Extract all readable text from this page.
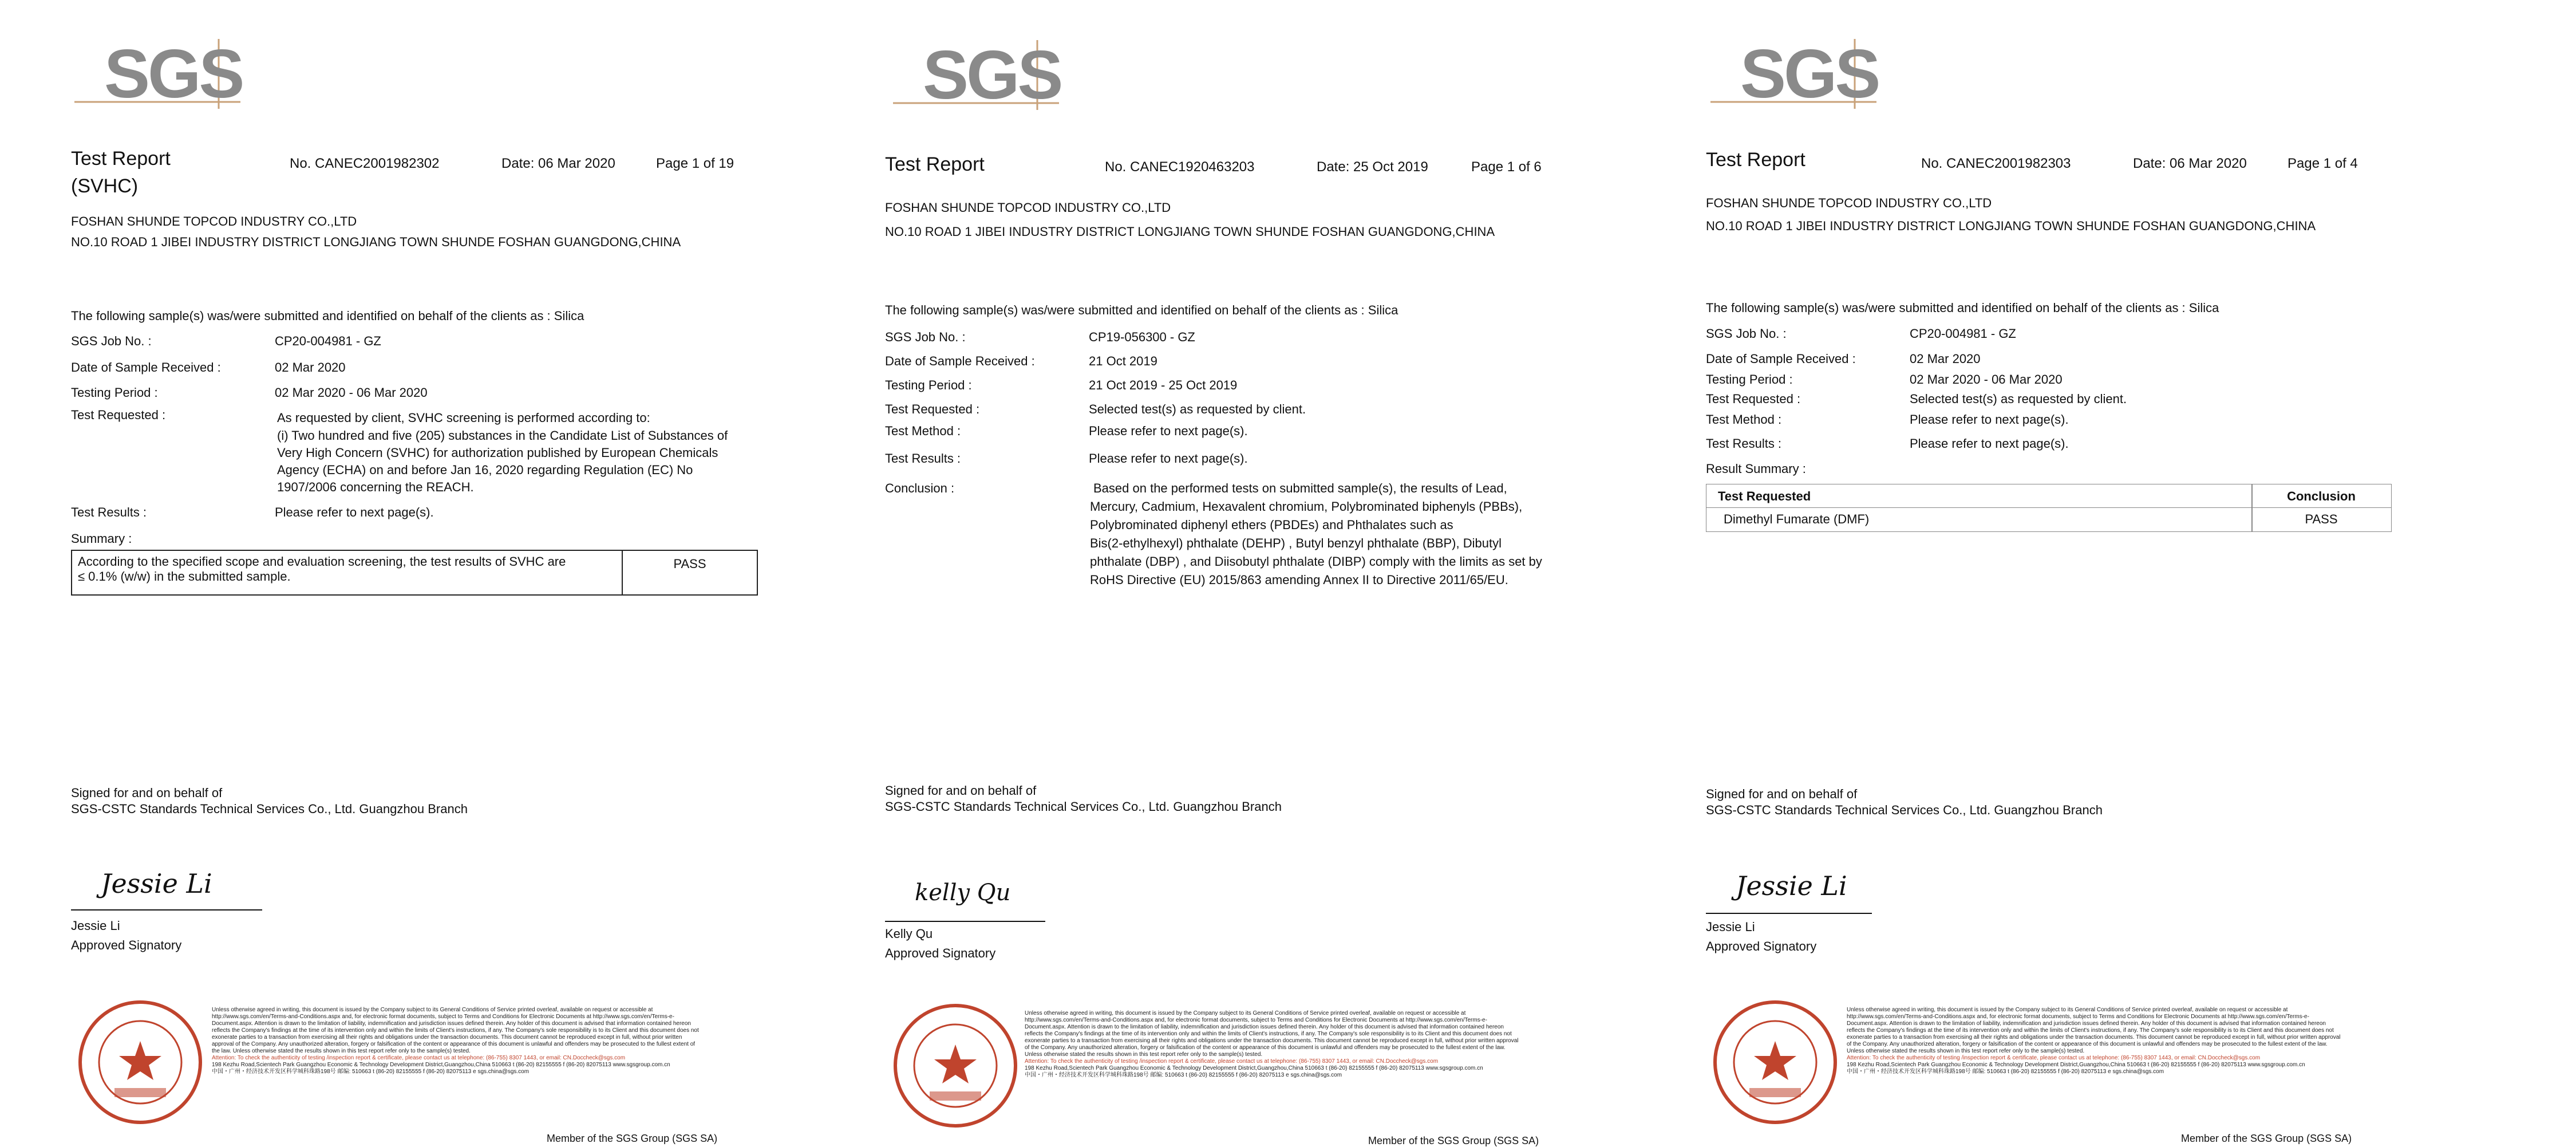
SGS
Test Report
(SVHC)
No. CANEC2001982302	Date: 06 Mar 2020	Page 1 of 19
FOSHAN SHUNDE TOPCOD INDUSTRY CO.,LTD
NO.10 ROAD 1 JIBEI INDUSTRY DISTRICT LONGJIANG TOWN SHUNDE FOSHAN GUANGDONG,CHINA
The following sample(s) was/were submitted and identified on behalf of the clients as : Silica
SGS Job No. :	CP20-004981 - GZ
Date of Sample Received :	02 Mar 2020
Testing Period :	02 Mar 2020 - 06 Mar 2020
Test Requested :	As requested by client, SVHC screening is performed according to:
(i) Two hundred and five (205) substances in the Candidate List of Substances of
Very High Concern (SVHC) for authorization published by European Chemicals
Agency (ECHA) on and before Jan 16, 2020 regarding Regulation (EC) No
1907/2006 concerning the REACH.
Test Results :	Please refer to next page(s).
Summary :
According to the specified scope and evaluation screening, the test results of SVHC are
≤ 0.1% (w/w) in the submitted sample.
PASS
Signed for and on behalf of
SGS-CSTC Standards Technical Services Co., Ltd. Guangzhou Branch
Jessie Li
Jessie Li
Approved Signatory
Unless otherwise agreed in writing, this document is issued by the Company subject to its General Conditions of Service printed overleaf, available on request or accessible at http://www.sgs.com/en/Terms-and-Conditions.aspx and, for electronic format documents, subject to Terms and Conditions for Electronic Documents at http://www.sgs.com/en/Terms-e-Document.aspx. Attention is drawn to the limitation of liability, indemnification and jurisdiction issues defined therein. Any holder of this document is advised that information contained hereon reflects the Company's findings at the time of its intervention only and within the limits of Client's instructions, if any. The Company's sole responsibility is to its Client and this document does not exonerate parties to a transaction from exercising all their rights and obligations under the transaction documents. This document cannot be reproduced except in full, without prior written approval of the Company. Any unauthorized alteration, forgery or falsification of the content or appearance of this document is unlawful and offenders may be prosecuted to the fullest extent of the law. Unless otherwise stated the results shown in this test report refer only to the sample(s) tested.
Attention: To check the authenticity of testing /inspection report & certificate, please contact us at telephone: (86-755) 8307 1443, or email: CN.Doccheck@sgs.com
198 Kezhu Road,Scientech Park Guangzhou Economic & Technology Development District,Guangzhou,China 510663 t (86-20) 82155555 f (86-20) 82075113 www.sgsgroup.com.cn
中国・广州・经济技术开发区科学城科珠路198号 邮编: 510663 t (86-20) 82155555 f (86-20) 82075113 e sgs.china@sgs.com
Member of the SGS Group (SGS SA)
SGS
Test Report	No. CANEC1920463203	Date: 25 Oct 2019	Page 1 of 6
FOSHAN SHUNDE TOPCOD INDUSTRY CO.,LTD
NO.10 ROAD 1 JIBEI INDUSTRY DISTRICT LONGJIANG TOWN SHUNDE FOSHAN GUANGDONG,CHINA
The following sample(s) was/were submitted and identified on behalf of the clients as : Silica
SGS Job No. :	CP19-056300 - GZ
Date of Sample Received :	21 Oct 2019
Testing Period :	21 Oct 2019 - 25 Oct 2019
Test Requested :	Selected test(s) as requested by client.
Test Method :	Please refer to next page(s).
Test Results :	Please refer to next page(s).
Conclusion :	Based on the performed tests on submitted sample(s), the results of Lead,
Mercury, Cadmium, Hexavalent chromium, Polybrominated biphenyls (PBBs),
Polybrominated diphenyl ethers (PBDEs) and Phthalates such as
Bis(2-ethylhexyl) phthalate (DEHP) , Butyl benzyl phthalate (BBP), Dibutyl
phthalate (DBP) , and Diisobutyl phthalate (DIBP) comply with the limits as set by
RoHS Directive (EU) 2015/863 amending Annex II to Directive 2011/65/EU.
Signed for and on behalf of
SGS-CSTC Standards Technical Services Co., Ltd. Guangzhou Branch
kelly Qu
Kelly Qu
Approved Signatory
Unless otherwise agreed in writing, this document is issued by the Company subject to its General Conditions of Service printed overleaf, available on request or accessible at http://www.sgs.com/en/Terms-and-Conditions.aspx and, for electronic format documents, subject to Terms and Conditions for Electronic Documents at http://www.sgs.com/en/Terms-e-Document.aspx. Attention is drawn to the limitation of liability, indemnification and jurisdiction issues defined therein. Any holder of this document is advised that information contained hereon reflects the Company's findings at the time of its intervention only and within the limits of Client's instructions, if any. The Company's sole responsibility is to its Client and this document does not exonerate parties to a transaction from exercising all their rights and obligations under the transaction documents. This document cannot be reproduced except in full, without prior written approval of the Company. Any unauthorized alteration, forgery or falsification of the content or appearance of this document is unlawful and offenders may be prosecuted to the fullest extent of the law. Unless otherwise stated the results shown in this test report refer only to the sample(s) tested.
Attention: To check the authenticity of testing /inspection report & certificate, please contact us at telephone: (86-755) 8307 1443, or email: CN.Doccheck@sgs.com
198 Kezhu Road,Scientech Park Guangzhou Economic & Technology Development District,Guangzhou,China 510663 t (86-20) 82155555 f (86-20) 82075113 www.sgsgroup.com.cn
中国・广州・经济技术开发区科学城科珠路198号 邮编: 510663 t (86-20) 82155555 f (86-20) 82075113 e sgs.china@sgs.com
Member of the SGS Group (SGS SA)
SGS
Test Report	No. CANEC2001982303	Date: 06 Mar 2020	Page 1 of 4
FOSHAN SHUNDE TOPCOD INDUSTRY CO.,LTD
NO.10 ROAD 1 JIBEI INDUSTRY DISTRICT LONGJIANG TOWN SHUNDE FOSHAN GUANGDONG,CHINA
The following sample(s) was/were submitted and identified on behalf of the clients as : Silica
SGS Job No. :	CP20-004981 - GZ
Date of Sample Received :	02 Mar 2020
Testing Period :	02 Mar 2020 - 06 Mar 2020
Test Requested :	Selected test(s) as requested by client.
Test Method :	Please refer to next page(s).
Test Results :	Please refer to next page(s).
Result Summary :
Test Requested	Conclusion
Dimethyl Fumarate (DMF)	PASS
Signed for and on behalf of
SGS-CSTC Standards Technical Services Co., Ltd. Guangzhou Branch
Jessie Li
Jessie Li
Approved Signatory
Unless otherwise agreed in writing, this document is issued by the Company subject to its General Conditions of Service printed overleaf, available on request or accessible at http://www.sgs.com/en/Terms-and-Conditions.aspx and, for electronic format documents, subject to Terms and Conditions for Electronic Documents at http://www.sgs.com/en/Terms-e-Document.aspx. Attention is drawn to the limitation of liability, indemnification and jurisdiction issues defined therein. Any holder of this document is advised that information contained hereon reflects the Company's findings at the time of its intervention only and within the limits of Client's instructions, if any. The Company's sole responsibility is to its Client and this document does not exonerate parties to a transaction from exercising all their rights and obligations under the transaction documents. This document cannot be reproduced except in full, without prior written approval of the Company. Any unauthorized alteration, forgery or falsification of the content or appearance of this document is unlawful and offenders may be prosecuted to the fullest extent of the law. Unless otherwise stated the results shown in this test report refer only to the sample(s) tested.
Attention: To check the authenticity of testing /inspection report & certificate, please contact us at telephone: (86-755) 8307 1443, or email: CN.Doccheck@sgs.com
198 Kezhu Road,Scientech Park Guangzhou Economic & Technology Development District,Guangzhou,China 510663 t (86-20) 82155555 f (86-20) 82075113 www.sgsgroup.com.cn
中国・广州・经济技术开发区科学城科珠路198号 邮编: 510663 t (86-20) 82155555 f (86-20) 82075113 e sgs.china@sgs.com
Member of the SGS Group (SGS SA)
